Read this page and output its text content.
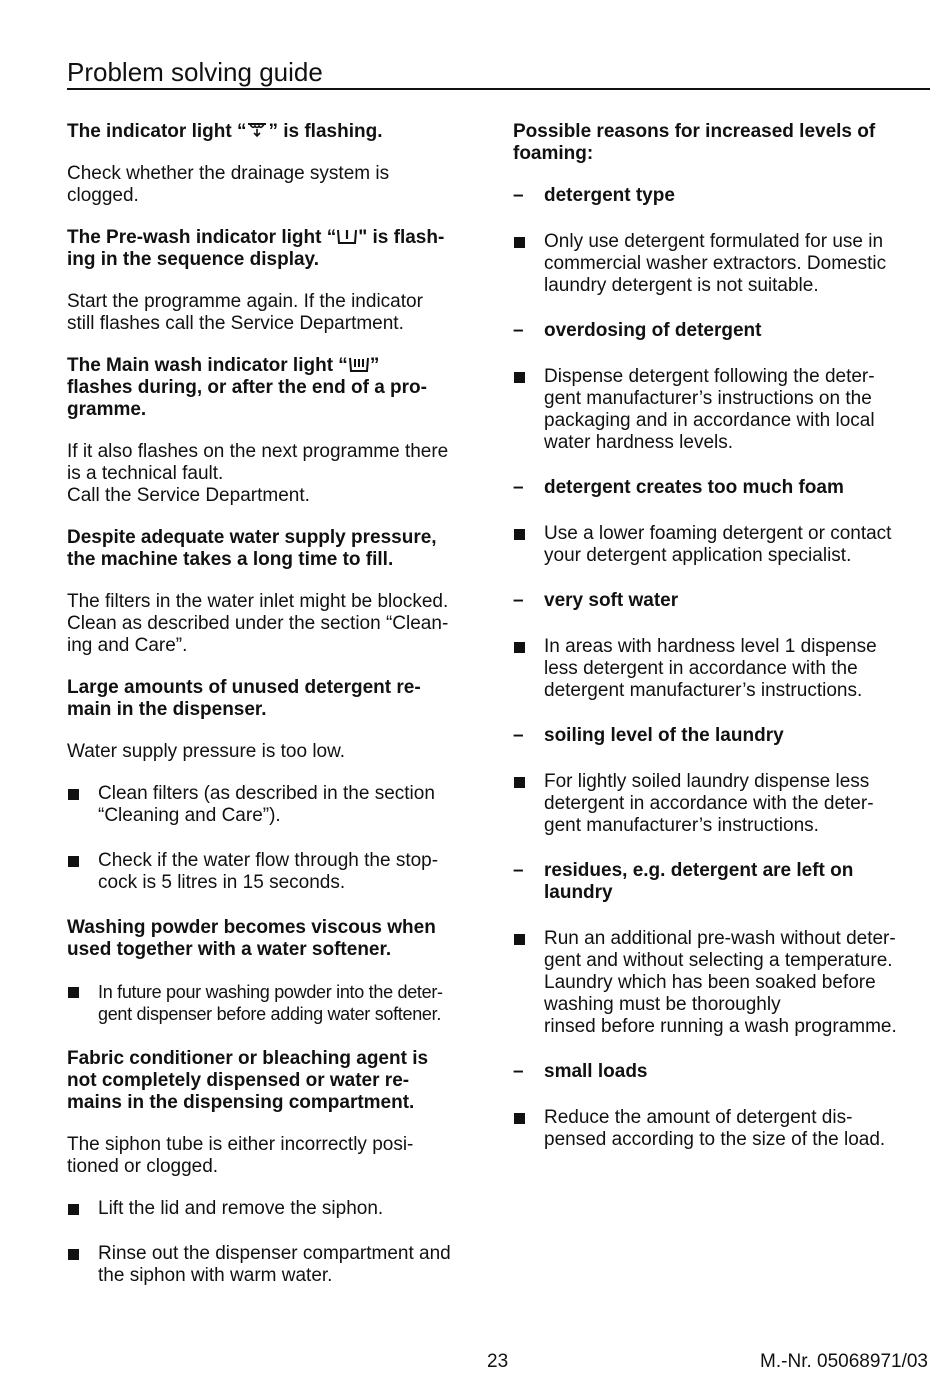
Problem solving guide
The indicator light “ ” is flashing.
Check whether the drainage system is
clogged.
The Pre-wash indicator light “ " is flash-
ing in the sequence display.
Start the programme again. If the indicator
still flashes call the Service Department.
The Main wash indicator light “ ”
flashes during, or after the end of a pro-
gramme.
If it also flashes on the next programme there
is a technical fault.
Call the Service Department.
Despite adequate water supply pressure,
the machine takes a long time to fill.
The filters in the water inlet might be blocked.
Clean as described under the section “Clean-
ing and Care”.
Large amounts of unused detergent re-
main in the dispenser.
Water supply pressure is too low.
Clean filters (as described in the section
“Cleaning and Care”).
Check if the water flow through the stop-
cock is 5 litres in 15 seconds.
Washing powder becomes viscous when
used together with a water softener.
In future pour washing powder into the deter-
gent dispenser before adding water softener.
Fabric conditioner or bleaching agent is
not completely dispensed or water re-
mains in the dispensing compartment.
The siphon tube is either incorrectly posi-
tioned or clogged.
Lift the lid and remove the siphon.
Rinse out the dispenser compartment and
the siphon with warm water.
Possible reasons for increased levels of
foaming:
–	detergent type
Only use detergent formulated for use in
commercial washer extractors. Domestic
laundry detergent is not suitable.
–	overdosing of detergent
Dispense detergent following the deter-
gent manufacturer’s instructions on the
packaging and in accordance with local
water hardness levels.
–	detergent creates too much foam
Use a lower foaming detergent or contact
your detergent application specialist.
–	very soft water
In areas with hardness level 1 dispense
less detergent in accordance with the
detergent manufacturer’s instructions.
–	soiling level of the laundry
For lightly soiled laundry dispense less
detergent in accordance with the deter-
gent manufacturer’s instructions.
–	residues, e.g. detergent are left on
laundry
Run an additional pre-wash without deter-
gent and without selecting a temperature.
Laundry which has been soaked before
washing must be thoroughly
rinsed before running a wash programme.
–	small loads
Reduce the amount of detergent dis-
pensed according to the size of the load.
23	M.-Nr. 05068971/03
